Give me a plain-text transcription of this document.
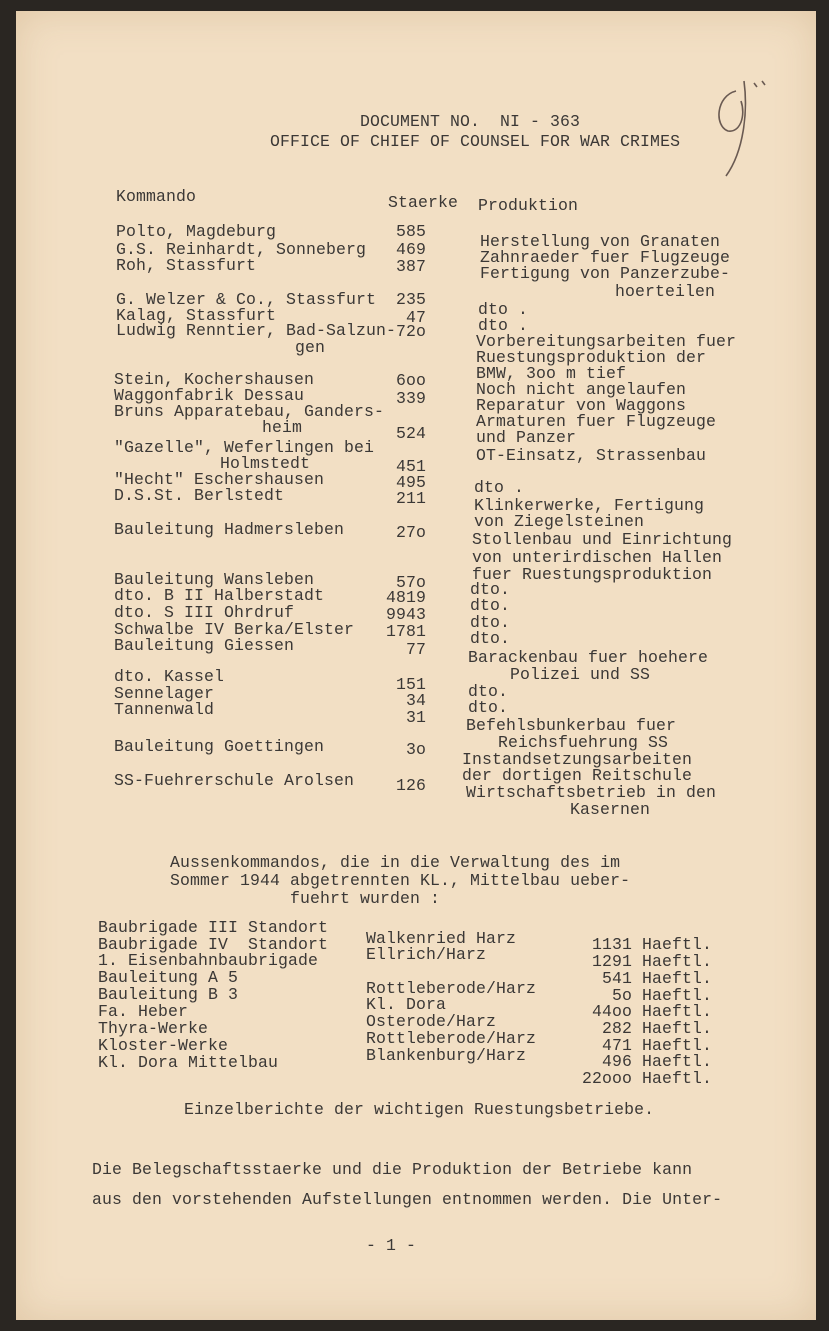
DOCUMENT NO.  NI - 363
OFFICE OF CHIEF OF COUNSEL FOR WAR CRIMES
Kommando	Staerke Produktion
Polto, Magdeburg
G.S. Reinhardt, Sonneberg
Roh, Stassfurt
G. Welzer & Co., Stassfurt
Kalag, Stassfurt
Ludwig Renntier, Bad-Salzun-
gen
Stein, Kochershausen
Waggonfabrik Dessau
Bruns Apparatebau, Ganders-
heim
"Gazelle", Weferlingen bei
Holmstedt
"Hecht" Eschershausen
D.S.St. Berlstedt
Bauleitung Hadmersleben
Bauleitung Wansleben
dto. B II Halberstadt
dto. S III Ohrdruf
Schwalbe IV Berka/Elster
Bauleitung Giessen
dto. Kassel
Sennelager
Tannenwald
Bauleitung Goettingen
SS-Fuehrerschule Arolsen
585
469
387
235
47
72o
6oo
339
524
451
495
211
27o
57o
4819
9943
1781
77
151
34
31
3o
126
Herstellung von Granaten
Zahnraeder fuer Flugzeuge
Fertigung von Panzerzube-
hoerteilen
dto .
dto .
Vorbereitungsarbeiten fuer
Ruestungsproduktion der
BMW, 3oo m tief
Noch nicht angelaufen
Reparatur von Waggons
Armaturen fuer Flugzeuge
und Panzer
OT-Einsatz, Strassenbau
dto .
Klinkerwerke, Fertigung
von Ziegelsteinen
Stollenbau und Einrichtung
von unterirdischen Hallen
fuer Ruestungsproduktion
dto.
dto.
dto.
dto.
Barackenbau fuer hoehere
Polizei und SS
dto.
dto.
Befehlsbunkerbau fuer
Reichsfuehrung SS
Instandsetzungsarbeiten
der dortigen Reitschule
Wirtschaftsbetrieb in den
Kasernen
Aussenkommandos, die in die Verwaltung des im
Sommer 1944 abgetrennten KL., Mittelbau ueber-
fuehrt wurden :
Baubrigade III Standort
Baubrigade IV  Standort
1. Eisenbahnbaubrigade
Bauleitung A 5
Bauleitung B 3
Fa. Heber
Thyra-Werke
Kloster-Werke
Kl. Dora Mittelbau
Walkenried Harz
Ellrich/Harz
Rottleberode/Harz
Kl. Dora
Osterode/Harz
Rottleberode/Harz
Blankenburg/Harz
1131 Haeftl.
1291 Haeftl.
541 Haeftl.
5o Haeftl.
44oo Haeftl.
282 Haeftl.
471 Haeftl.
496 Haeftl.
22ooo Haeftl.
Einzelberichte der wichtigen Ruestungsbetriebe.
Die Belegschaftsstaerke und die Produktion der Betriebe kann
aus den vorstehenden Aufstellungen entnommen werden. Die Unter-
- 1 -
